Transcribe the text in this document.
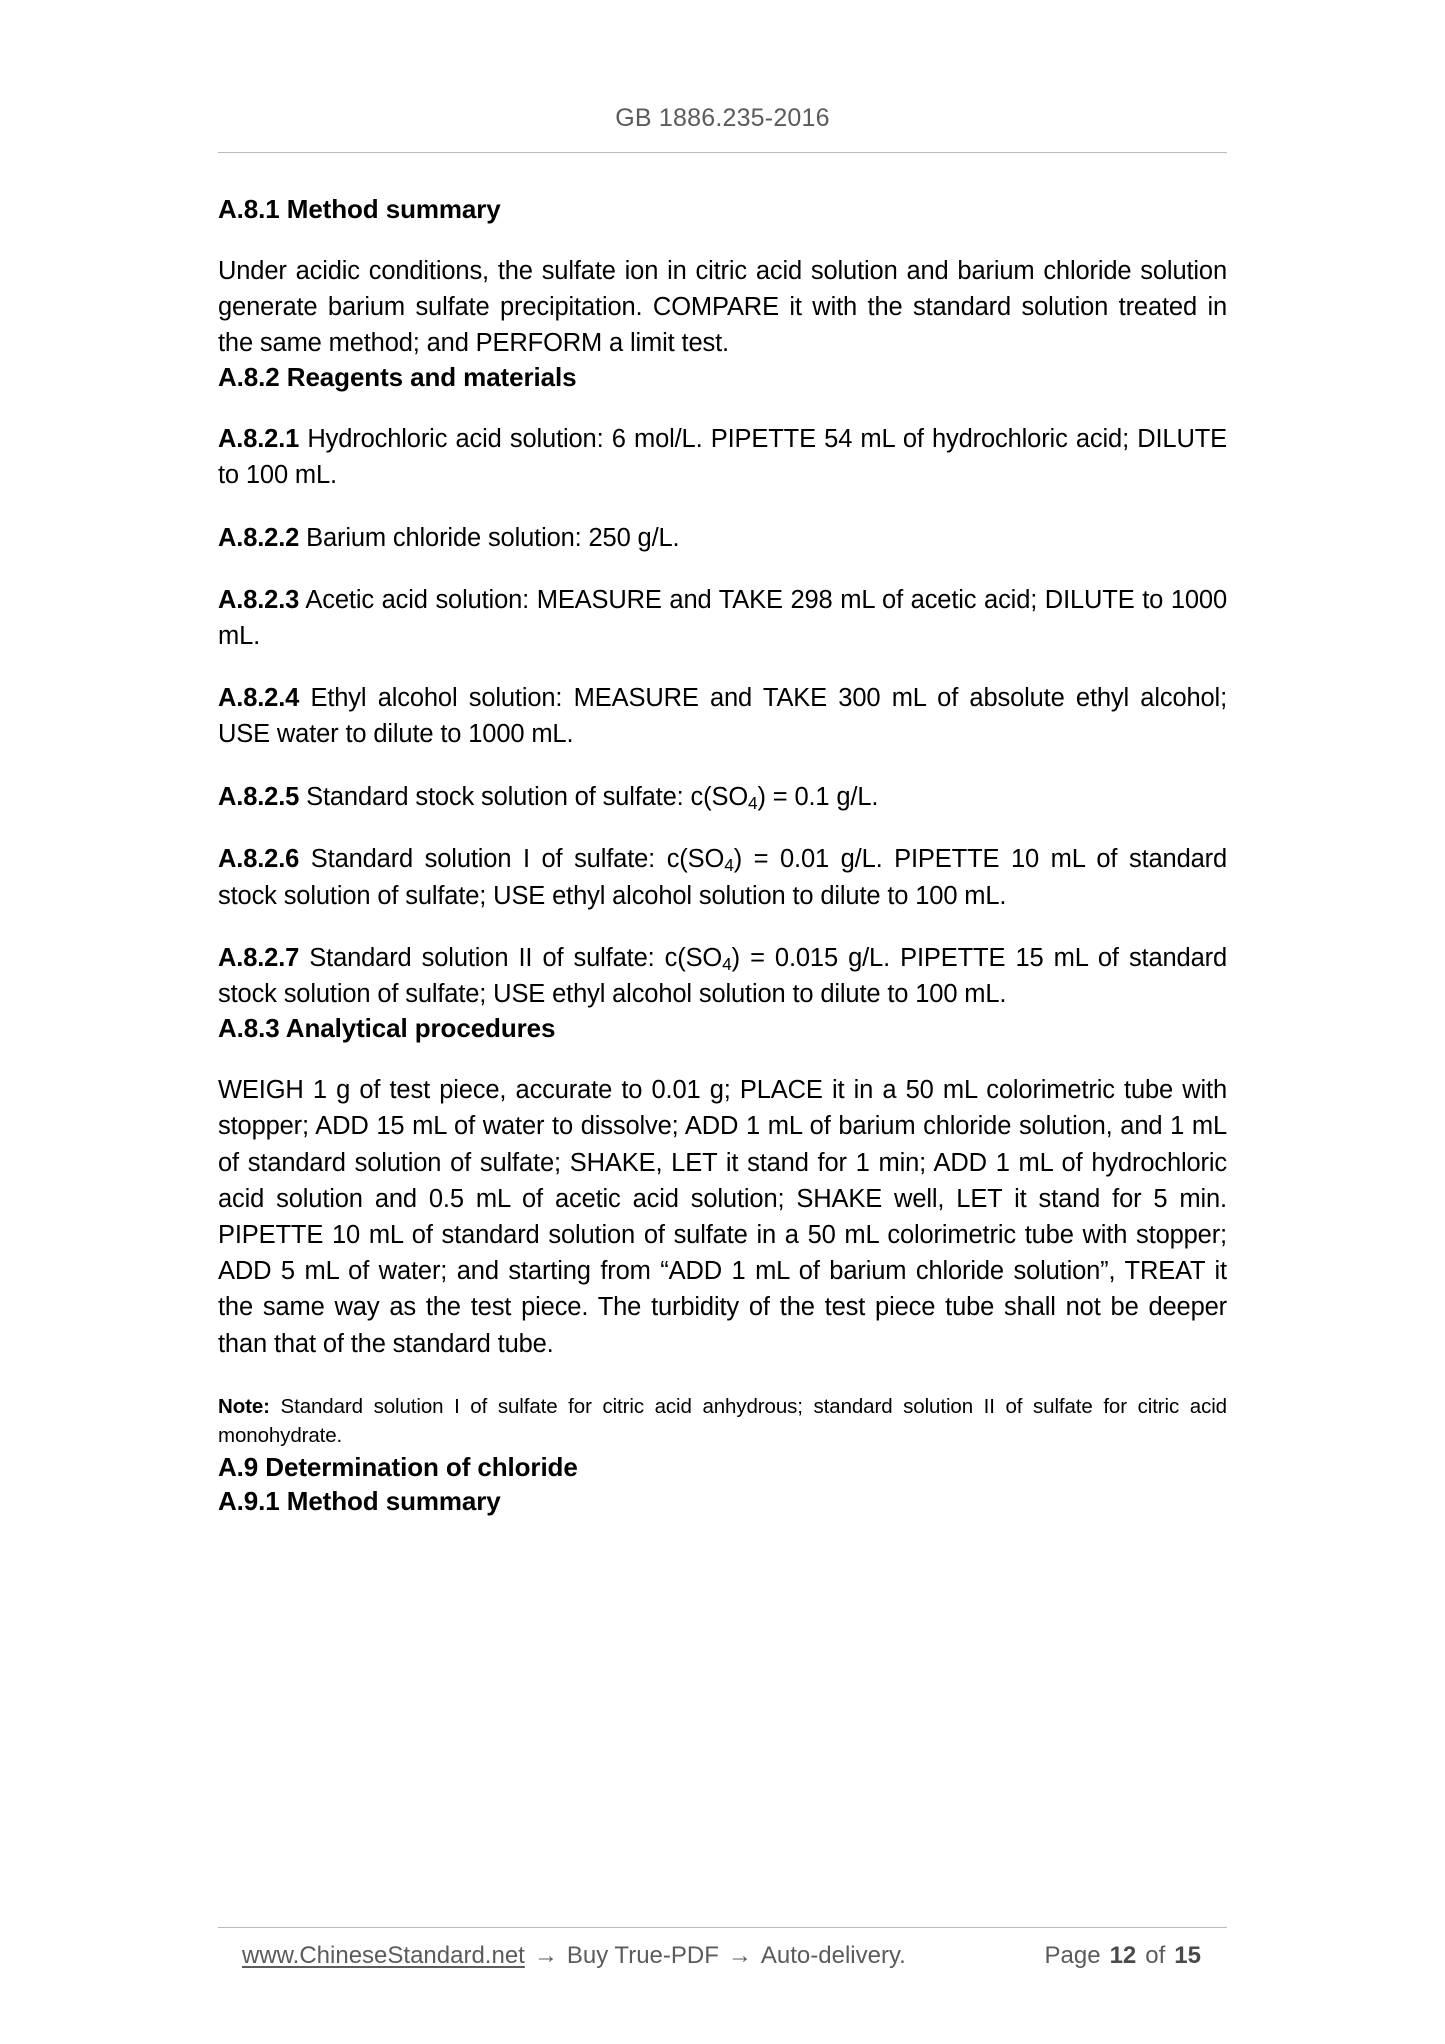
GB 1886.235-2016
A.8.1 Method summary

Under acidic conditions, the sulfate ion in citric acid solution and barium chloride solution generate barium sulfate precipitation. COMPARE it with the standard solution treated in the same method; and PERFORM a limit test.

A.8.2 Reagents and materials

A.8.2.1 Hydrochloric acid solution: 6 mol/L. PIPETTE 54 mL of hydrochloric acid; DILUTE to 100 mL.

A.8.2.2 Barium chloride solution: 250 g/L.

A.8.2.3 Acetic acid solution: MEASURE and TAKE 298 mL of acetic acid; DILUTE to 1000 mL.

A.8.2.4 Ethyl alcohol solution: MEASURE and TAKE 300 mL of absolute ethyl alcohol; USE water to dilute to 1000 mL.

A.8.2.5 Standard stock solution of sulfate: $c(SO_4) = 0.1$ g/L.

A.8.2.6 Standard solution I of sulfate: $c(SO_4) = 0.01$ g/L. PIPETTE 10 mL of standard stock solution of sulfate; USE ethyl alcohol solution to dilute to 100 mL.

A.8.2.7 Standard solution II of sulfate: $c(SO_4) = 0.015$ g/L. PIPETTE 15 mL of standard stock solution of sulfate; USE ethyl alcohol solution to dilute to 100 mL.

A.8.3 Analytical procedures

WEIGH 1 g of test piece, accurate to 0.01 g; PLACE it in a 50 mL colorimetric tube with stopper; ADD 15 mL of water to dissolve; ADD 1 mL of barium chloride solution, and 1 mL of standard solution of sulfate; SHAKE, LET it stand for 1 min; ADD 1 mL of hydrochloric acid solution and 0.5 mL of acetic acid solution; SHAKE well, LET it stand for 5 min. PIPETTE 10 mL of standard solution of sulfate in a 50 mL colorimetric tube with stopper; ADD 5 mL of water; and starting from “ADD 1 mL of barium chloride solution”, TREAT it the same way as the test piece. The turbidity of the test piece tube shall not be deeper than that of the standard tube.

Note: Standard solution I of sulfate for citric acid anhydrous; standard solution II of sulfate for citric acid monohydrate.

A.9 Determination of chloride
A.9.1 Method summary
www.ChineseStandard.net → Buy True-PDF → Auto-delivery.	Page 12 of 15
